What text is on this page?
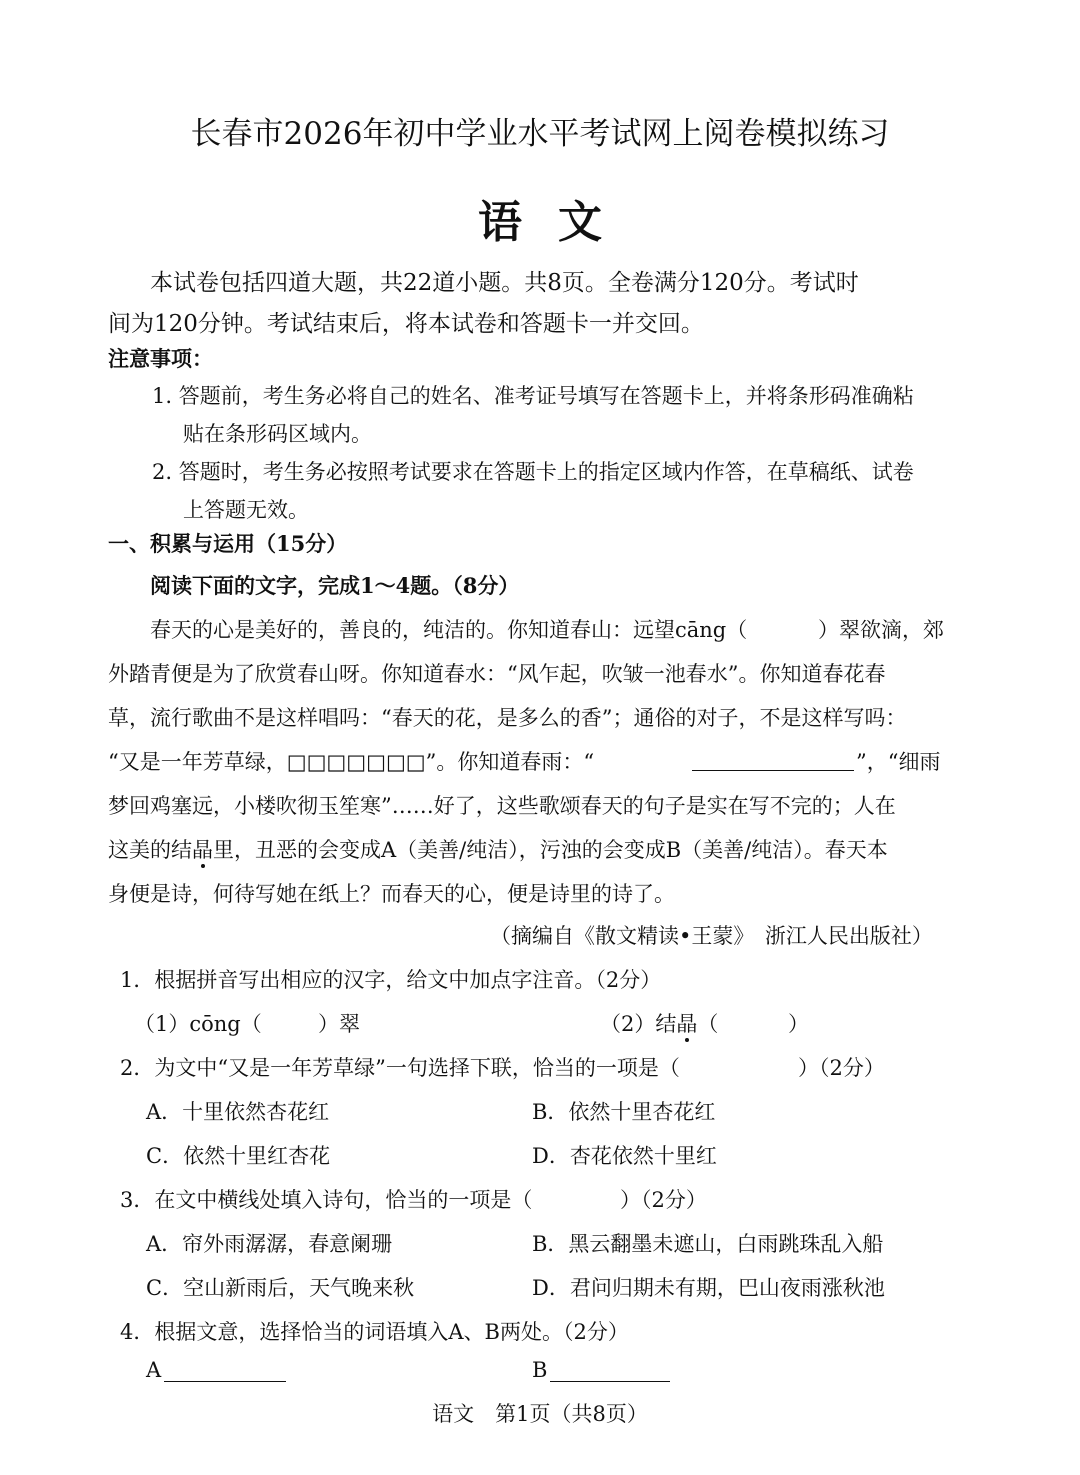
长春市2026年初中学业水平考试网上阅卷模拟练习
语文
本试卷包括四道大题，共22道小题。共8页。全卷满分120分。考试时
间为120分钟。考试结束后，将本试卷和答题卡一并交回。
注意事项：
1. 答题前，考生务必将自己的姓名、准考证号填写在答题卡上，并将条形码准确粘
贴在条形码区域内。
2. 答题时，考生务必按照考试要求在答题卡上的指定区域内作答，在草稿纸、试卷
上答题无效。
一、积累与运用（15分）
阅读下面的文字，完成1～4题。（8分）
春天的心是美好的，善良的，纯洁的。你知道春山：远望cāng（	）翠欲滴，郊
外踏青便是为了欣赏春山呀。你知道春水：“风乍起，吹皱一池春水”。你知道春花春
草，流行歌曲不是这样唱吗：“春天的花，是多么的香”；通俗的对子，不是这样写吗：
“又是一年芳草绿，□□□□□□□”。你知道春雨：“	”，“细雨
梦回鸡塞远，小楼吹彻玉笙寒”……好了，这些歌颂春天的句子是实在写不完的；人在
这美的结晶里，丑恶的会变成A（美善/纯洁），污浊的会变成B（美善/纯洁）。春天本
身便是诗，何待写她在纸上？而春天的心，便是诗里的诗了。
（摘编自《散文精读•王蒙》　浙江人民出版社）
1．根据拼音写出相应的汉字，给文中加点字注音。（2分）
（1）cōng（	）翠	（2）结晶（	）
2．为文中“又是一年芳草绿”一句选择下联，恰当的一项是（	）（2分）
A．十里依然杏花红	B．依然十里杏花红
C．依然十里红杏花	D．杏花依然十里红
3．在文中横线处填入诗句，恰当的一项是（	）（2分）
A．帘外雨潺潺，春意阑珊	B．黑云翻墨未遮山，白雨跳珠乱入船
C．空山新雨后，天气晚来秋	D．君问归期未有期，巴山夜雨涨秋池
4．根据文意，选择恰当的词语填入A、B两处。（2分）
A	B
语文　第1页（共8页）
